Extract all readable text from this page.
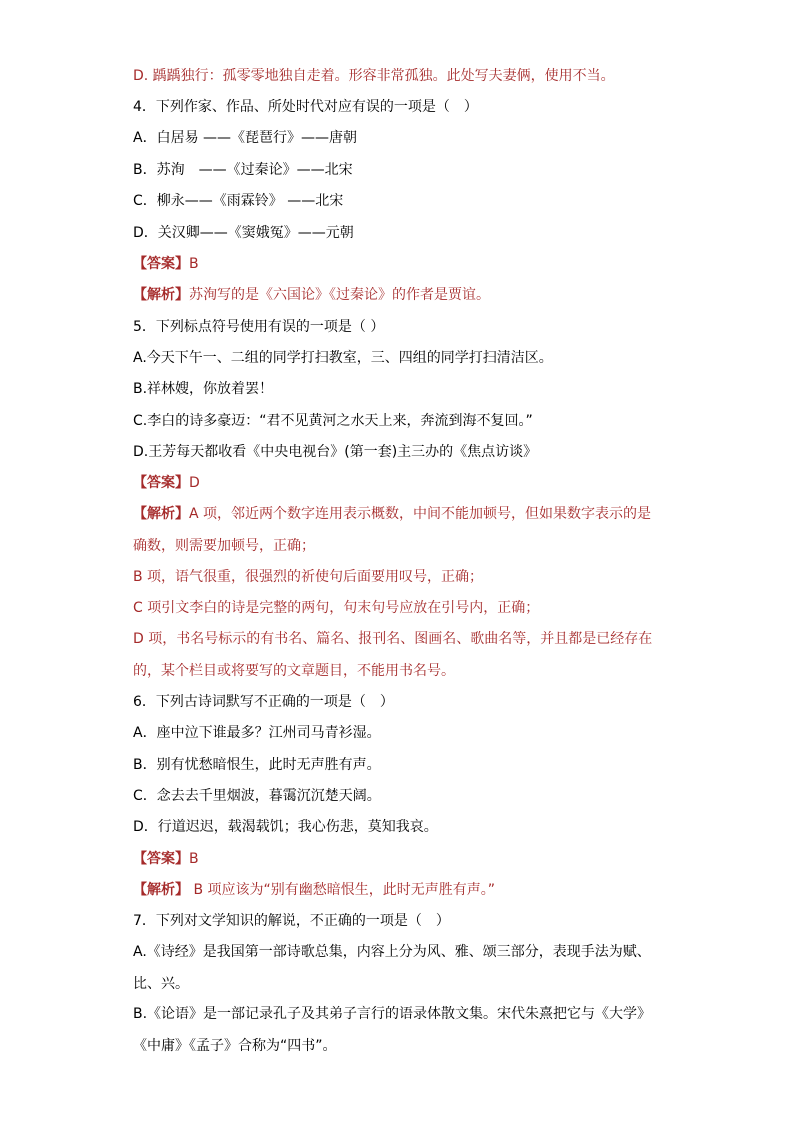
D. 踽踽独行：孤零零地独自走着。形容非常孤独。此处写夫妻俩，使用不当。
4．下列作家、作品、所处时代对应有误的一项是（　）
A．白居易 ——《琵琶行》——唐朝
B．苏洵　——《过秦论》——北宋
C．柳永——《雨霖铃》 ——北宋
D．关汉卿——《窦娥冤》——元朝
【答案】B
【解析】苏洵写的是《六国论》《过秦论》的作者是贾谊。
5．下列标点符号使用有误的一项是（ ）
A.今天下午一、二组的同学打扫教室，三、四组的同学打扫清洁区。
B.祥林嫂，你放着罢！
C.李白的诗多豪迈：“君不见黄河之水天上来，奔流到海不复回。”
D.王芳每天都收看《中央电视台》(第一套)主三办的《焦点访谈》
【答案】D
【解析】A 项，邻近两个数字连用表示概数，中间不能加顿号，但如果数字表示的是确数，则需要加顿号，正确；
B 项，语气很重，很强烈的祈使句后面要用叹号，正确；
C 项引文李白的诗是完整的两句，句末句号应放在引号内，正确；
D 项，书名号标示的有书名、篇名、报刊名、图画名、歌曲名等，并且都是已经存在的，某个栏目或将要写的文章题目，不能用书名号。
6．下列古诗词默写不正确的一项是（　）
A．座中泣下谁最多？江州司马青衫湿。
B．别有忧愁暗恨生，此时无声胜有声。
C．念去去千里烟波，暮霭沉沉楚天阔。
D．行道迟迟，载渴载饥；我心伤悲，莫知我哀。
【答案】B
【解析】 B 项应该为“别有幽愁暗恨生，此时无声胜有声。”
7．下列对文学知识的解说，不正确的一项是（　）
A.《诗经》是我国第一部诗歌总集，内容上分为风、雅、颂三部分，表现手法为赋、比、兴。
B.《论语》是一部记录孔子及其弟子言行的语录体散文集。宋代朱熹把它与《大学》《中庸》《孟子》合称为“四书”。
